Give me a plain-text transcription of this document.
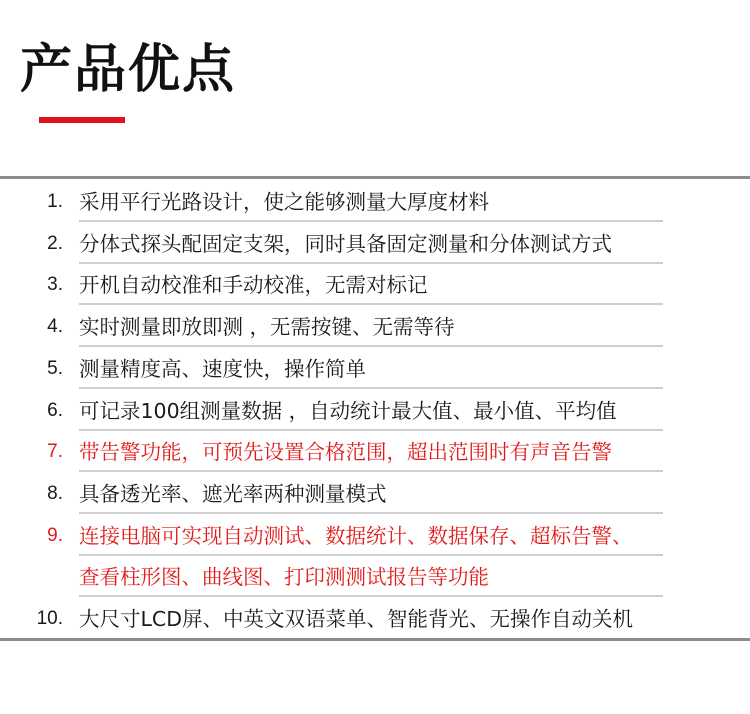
产品优点
1. 采用平行光路设计，使之能够测量大厚度材料
2. 分体式探头配固定支架，同时具备固定测量和分体测试方式
3. 开机自动校准和手动校准，无需对标记
4. 实时测量即放即测 ，无需按键、无需等待
5. 测量精度高、速度快，操作简单
6. 可记录100组测量数据 ，自动统计最大值、最小值、平均值
7. 带告警功能，可预先设置合格范围，超出范围时有声音告警
8. 具备透光率、遮光率两种测量模式
9. 连接电脑可实现自动测试、数据统计、数据保存、超标告警、
查看柱形图、曲线图、打印测测试报告等功能
10. 大尺寸LCD屏、中英文双语菜单、智能背光、无操作自动关机
